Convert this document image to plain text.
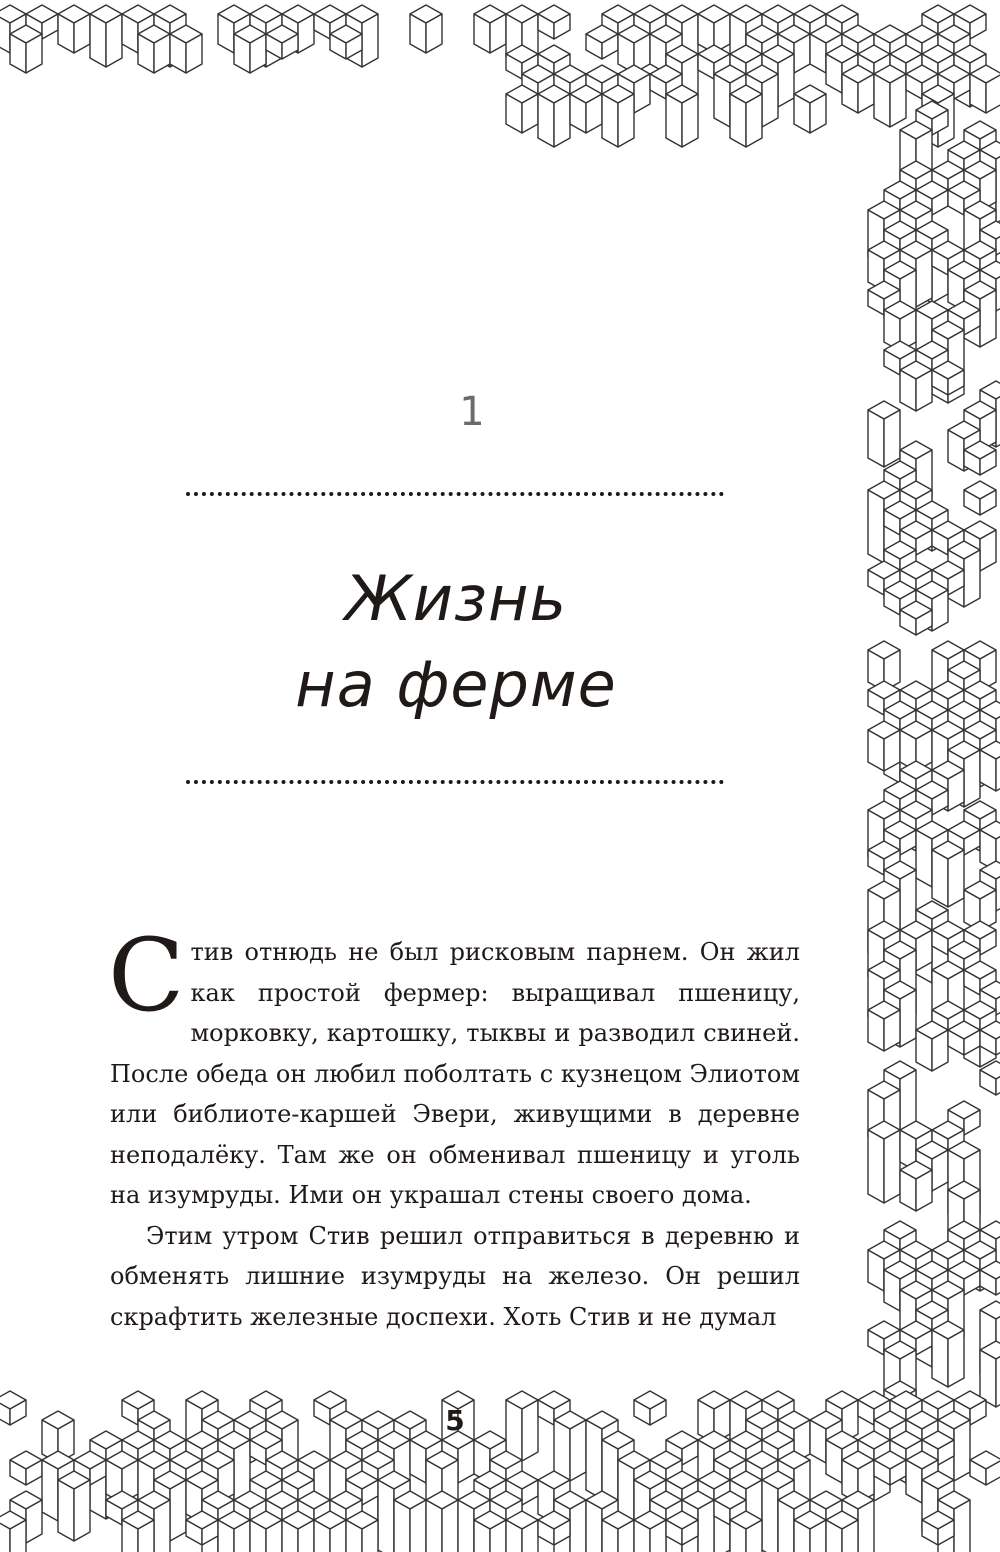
1
Жизнь
на ферме

Стив отнюдь не был рисковым парнем. Он жил как простой фермер: выращивал пшеницу, морковку, картошку, тыквы и разводил свиней. После обеда он любил поболтать с кузнецом Элиотом или библиоте-каршей Эвери, живущими в деревне неподалёку. Там же он обменивал пшеницу и уголь на изумруды. Ими он украшал стены своего дома.

Этим утром Стив решил отправиться в деревню и обменять лишние изумруды на железо. Он решил скрафтить железные доспехи. Хоть Стив и не думал

5
